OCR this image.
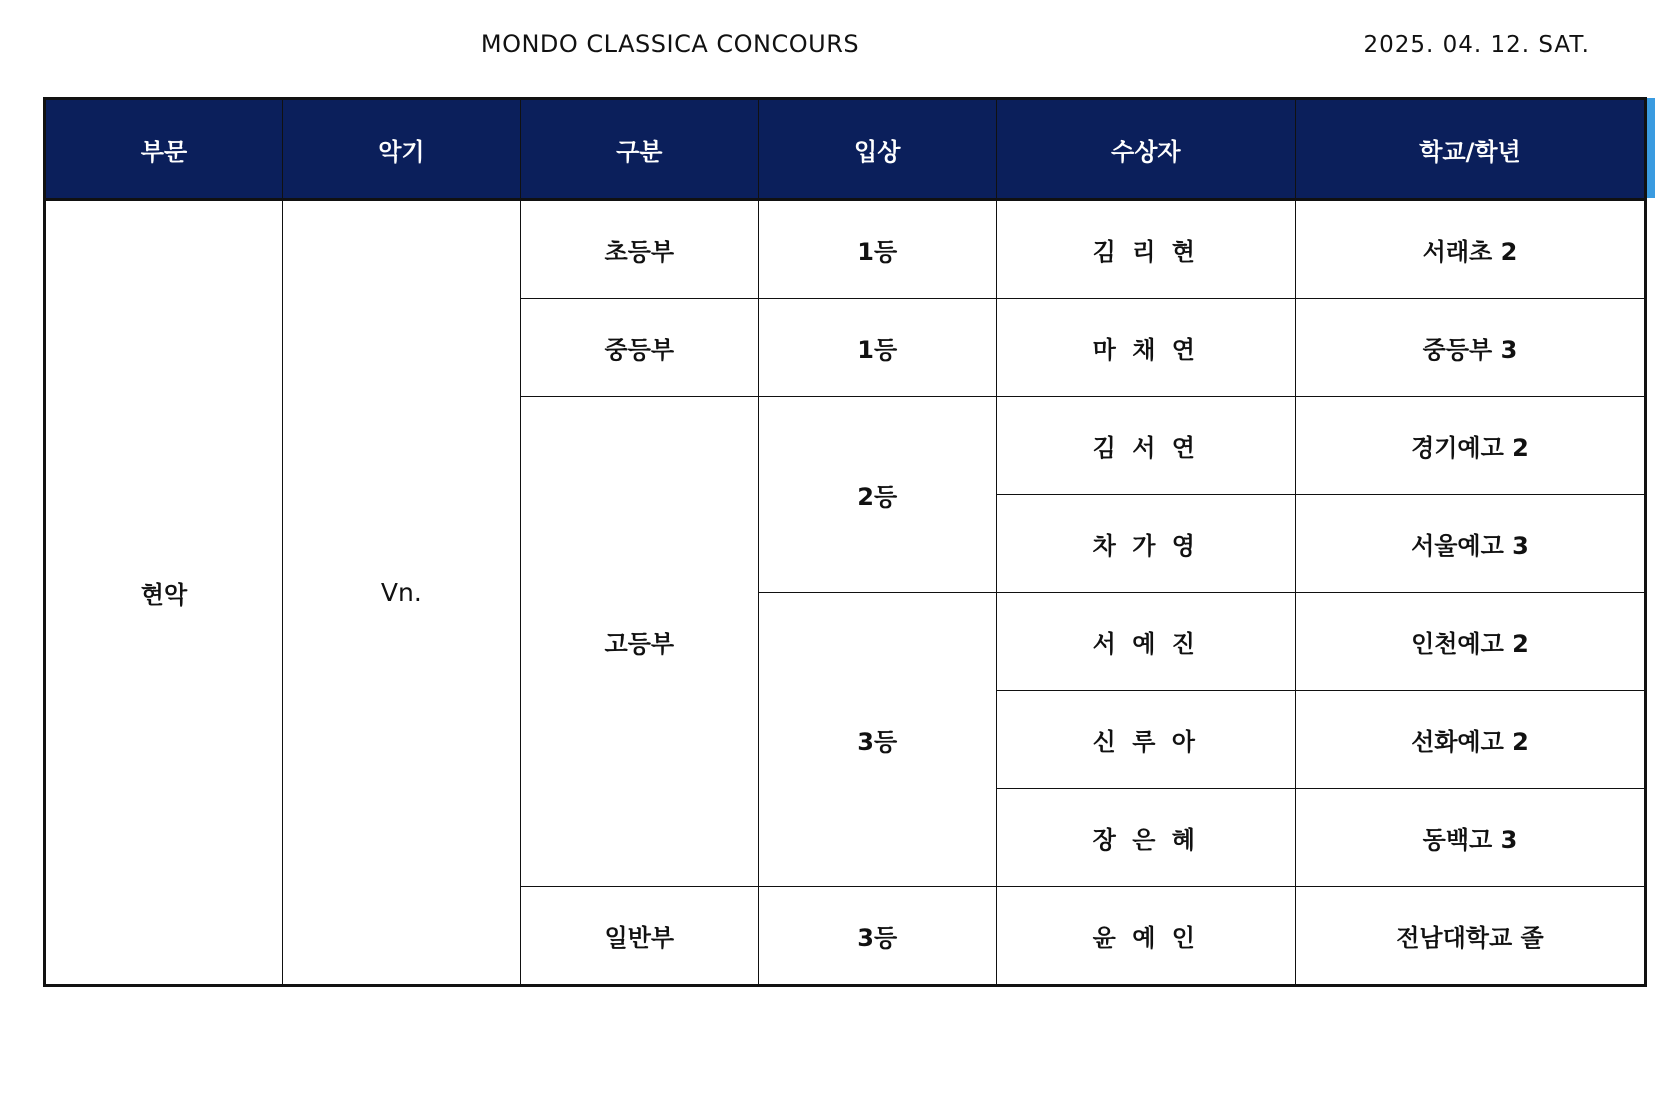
MONDO CLASSICA CONCOURS	2025. 04. 12. SAT.
부문	악기	구분	입상	수상자	학교/학년
현악	Vn.	초등부	1등	김 리 현	서래초 2
		중등부	1등	마 채 연	중등부 3
		고등부	2등	김 서 연	경기예고 2
				차 가 영	서울예고 3
			3등	서 예 진	인천예고 2
				신 루 아	선화예고 2
				장 은 혜	동백고 3
		일반부	3등	윤 예 인	전남대학교 졸
